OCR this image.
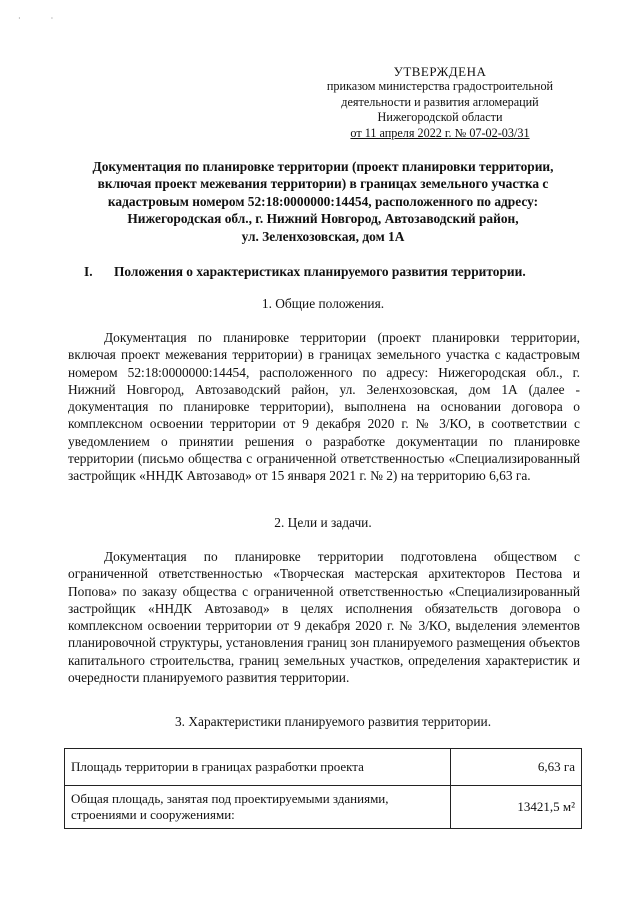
· ·
УТВЕРЖДЕНА
приказом министерства градостроительной
деятельности и развития агломераций
Нижегородской области
от 11 апреля 2022 г. № 07-02-03/31
Документация по планировке территории (проект планировки территории,
включая проект межевания территории) в границах земельного участка с
кадастровым номером 52:18:0000000:14454, расположенного по адресу:
Нижегородская обл., г. Нижний Новгород, Автозаводский район,
ул. Зеленхозовская, дом 1А
I. Положения о характеристиках планируемого развития территории.
1. Общие положения.
Документация по планировке территории (проект планировки территории, включая проект межевания территории) в границах земельного участка с кадастровым номером 52:18:0000000:14454, расположенного по адресу: Нижегородская обл., г. Нижний Новгород, Автозаводский район, ул. Зеленхозовская, дом 1А (далее - документация по планировке территории), выполнена на основании договора о комплексном освоении территории от 9 декабря 2020 г. № 3/КО, в соответствии с уведомлением о принятии решения о разработке документации по планировке территории (письмо общества с ограниченной ответственностью «Специализированный застройщик «ННДК Автозавод» от 15 января 2021 г. № 2) на территорию 6,63 га.
2. Цели и задачи.
Документация по планировке территории подготовлена обществом с ограниченной ответственностью «Творческая мастерская архитекторов Пестова и Попова» по заказу общества с ограниченной ответственностью «Специализированный застройщик «ННДК Автозавод» в целях исполнения обязательств договора о комплексном освоении территории от 9 декабря 2020 г. № 3/КО, выделения элементов планировочной структуры, установления границ зон планируемого размещения объектов капитального строительства, границ земельных участков, определения характеристик и очередности планируемого развития территории.
3. Характеристики планируемого развития территории.
Площадь территории в границах разработки проекта	6,63 га
Общая площадь, занятая под проектируемыми зданиями, строениями и сооружениями:	13421,5 м²
